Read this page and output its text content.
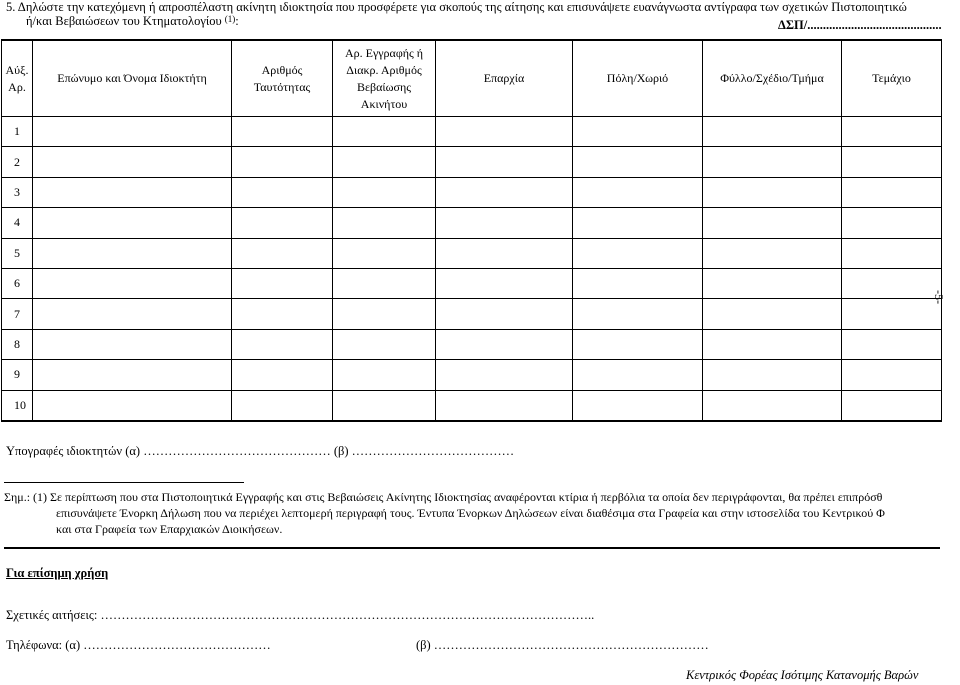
5. Δηλώστε την κατεχόμενη ή απροσπέλαστη ακίνητη ιδιοκτησία που προσφέρετε για σκοπούς της αίτησης και επισυνάψετε ευανάγνωστα αντίγραφα των σχετικών Πιστοποιητικώ
ή/και Βεβαιώσεων του Κτηματολογίου $^{(1)}$:	ΔΣΠ/...........................................
Αύξ. Αρ.	Επώνυμο και Όνομα Ιδιοκτήτη	Αριθμός Ταυτότητας	Αρ. Εγγραφής ή Διακρ. Αριθμός Βεβαίωσης Ακινήτου	Επαρχία	Πόλη/Χωριό	Φύλλο/Σχέδιο/Τμήμα	Τεμάχιο
1							
2							
3							
4							
5							
6							
7							
8							
9							
10							
-5-
Υπογραφές ιδιοκτητών (α) ……………………………………… (β) …………………………………
Σημ.: (1) Σε περίπτωση που στα Πιστοποιητικά Εγγραφής και στις Βεβαιώσεις Ακίνητης Ιδιοκτησίας αναφέρονται κτίρια ή περβόλια τα οποία δεν περιγράφονται, θα πρέπει επιπρόσθ
επισυνάψετε Ένορκη Δήλωση που να περιέχει λεπτομερή περιγραφή τους. Έντυπα Ένορκων Δηλώσεων είναι διαθέσιμα στα Γραφεία και στην ιστοσελίδα του Κεντρικού Φ
και στα Γραφεία των Επαρχιακών Διοικήσεων.
Για επίσημη χρήση
Σχετικές αιτήσεις: ………………………………………………………………………………………………………..
Τηλέφωνα: (α) ………………………………………	(β) …………………………………………………………
Κεντρικός Φορέας Ισότιμης Κατανομής Βαρών
